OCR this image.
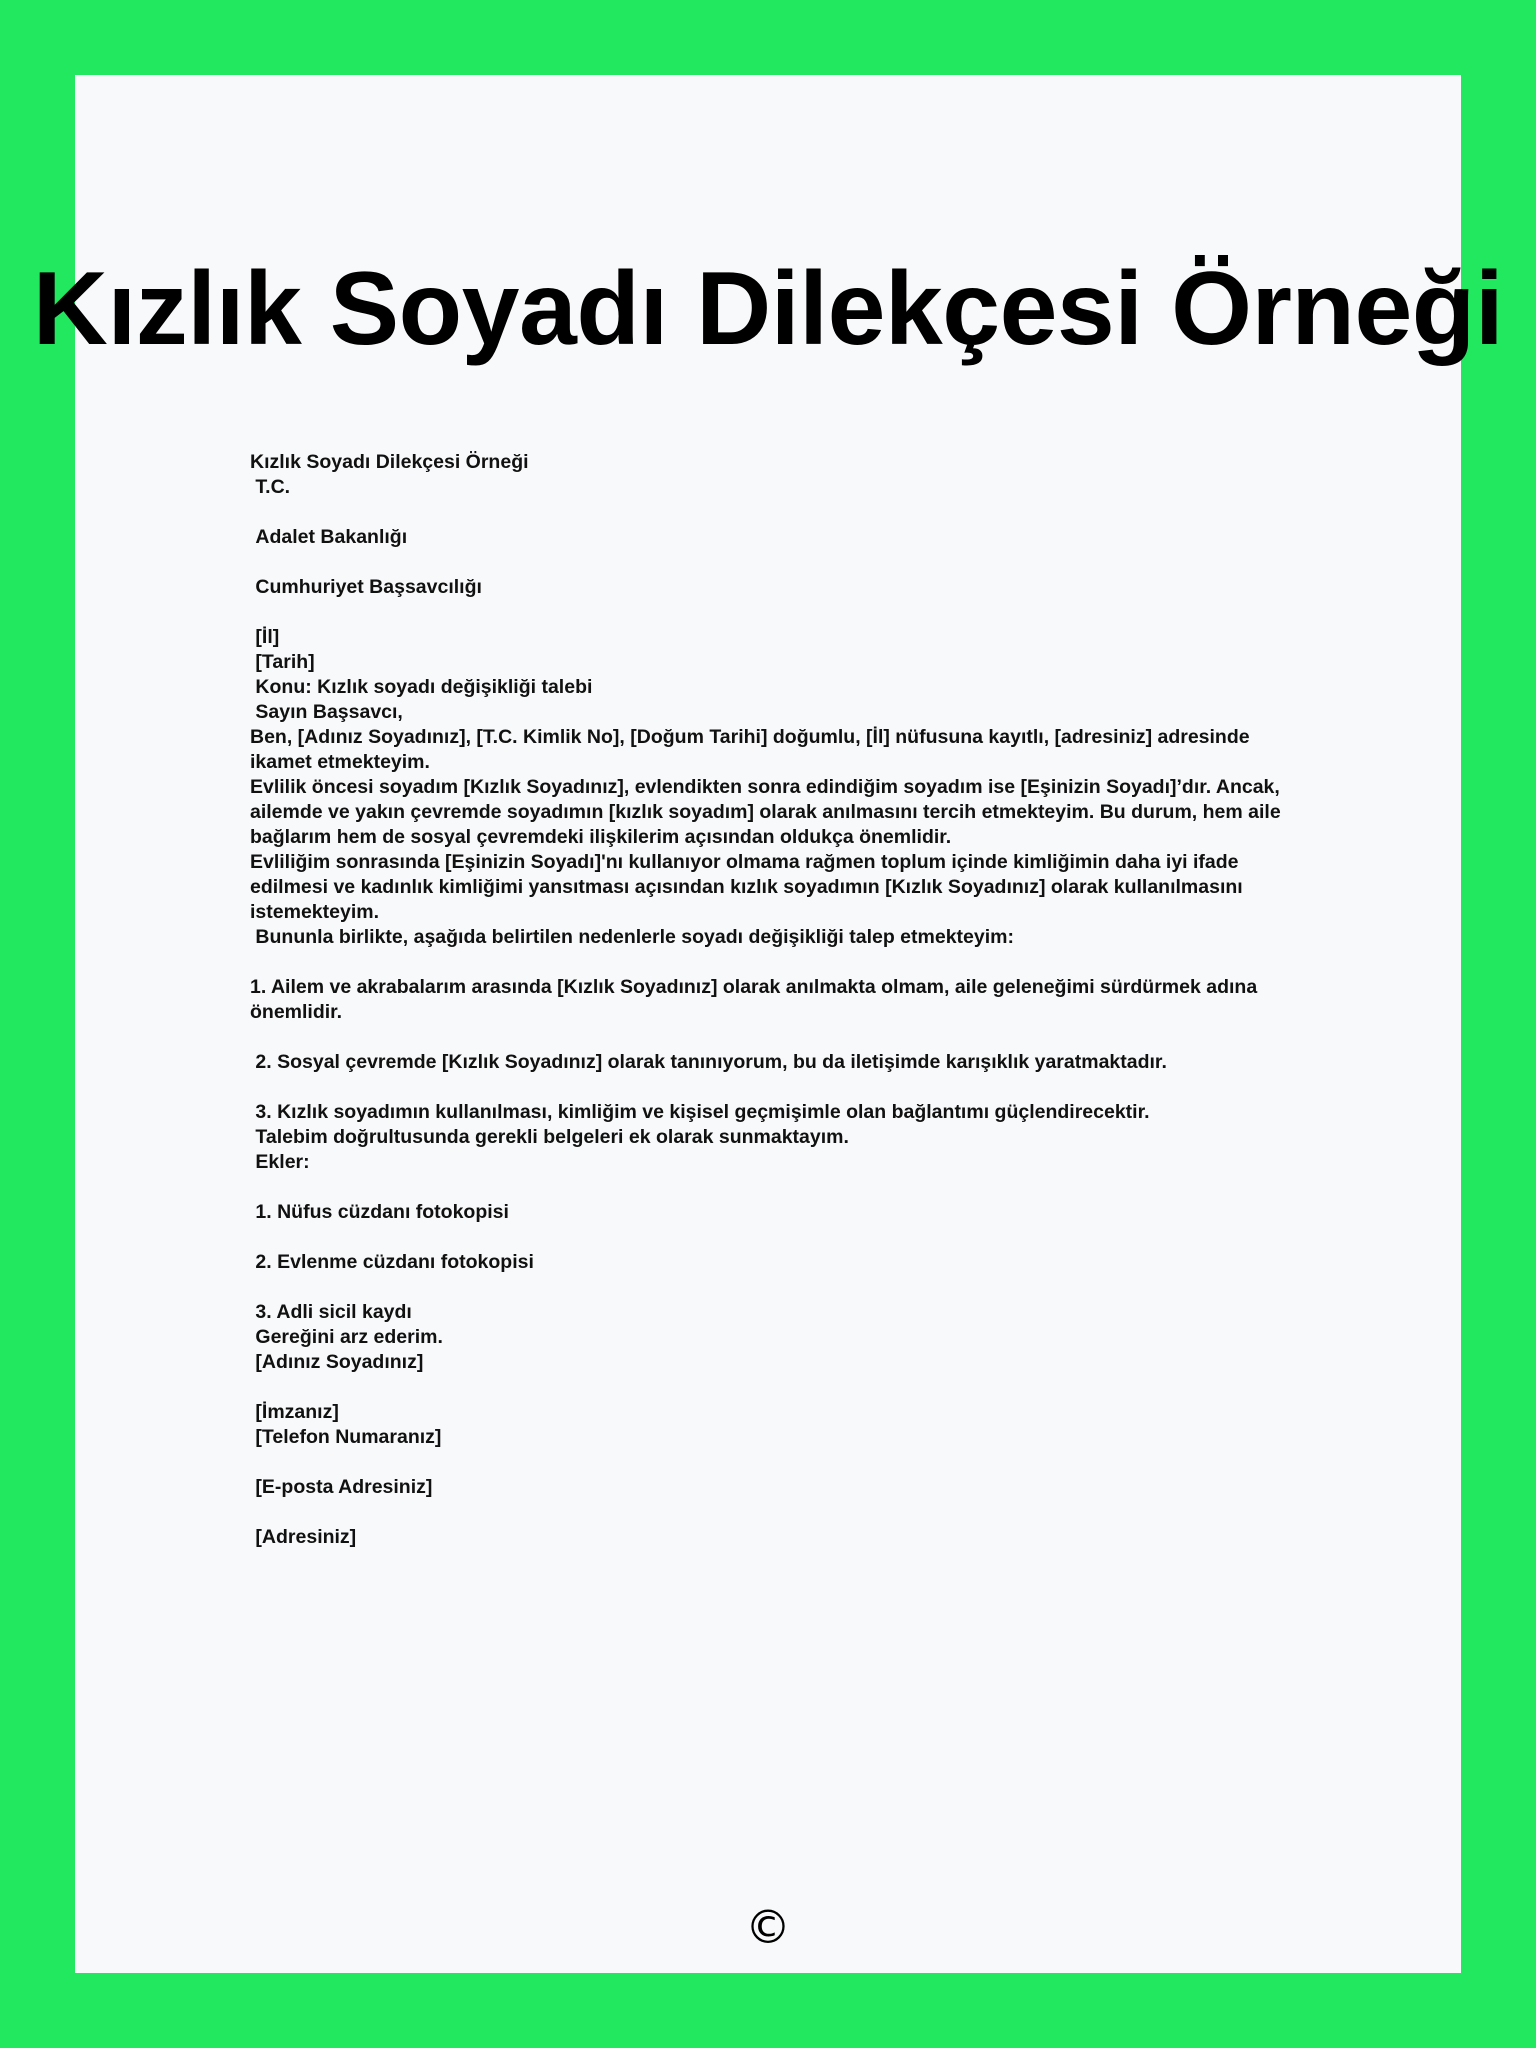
Kızlık Soyadı Dilekçesi Örneği

Kızlık Soyadı Dilekçesi Örneği

T.C.

Adalet Bakanlığı

Cumhuriyet Başsavcılığı

[İl]

[Tarih]

Konu: Kızlık soyadı değişikliği talebi

Sayın Başsavcı,

Ben, [Adınız Soyadınız], [T.C. Kimlik No], [Doğum Tarihi] doğumlu, [İl] nüfusuna kayıtlı, [adresiniz] adresinde ikamet etmekteyim.

Evlilik öncesi soyadım [Kızlık Soyadınız], evlendikten sonra edindiğim soyadım ise [Eşinizin Soyadı]’dır. Ancak, ailemde ve yakın çevremde soyadımın [kızlık soyadım] olarak anılmasını tercih etmekteyim. Bu durum, hem aile bağlarım hem de sosyal çevremdeki ilişkilerim açısından oldukça önemlidir.

Evliliğim sonrasında [Eşinizin Soyadı]'nı kullanıyor olmama rağmen toplum içinde kimliğimin daha iyi ifade edilmesi ve kadınlık kimliğimi yansıtması açısından kızlık soyadımın [Kızlık Soyadınız] olarak kullanılmasını istemekteyim.

Bununla birlikte, aşağıda belirtilen nedenlerle soyadı değişikliği talep etmekteyim:

1. Ailem ve akrabalarım arasında [Kızlık Soyadınız] olarak anılmakta olmam, aile geleneğimi sürdürmek adına önemlidir.

2. Sosyal çevremde [Kızlık Soyadınız] olarak tanınıyorum, bu da iletişimde karışıklık yaratmaktadır.

3. Kızlık soyadımın kullanılması, kimliğim ve kişisel geçmişimle olan bağlantımı güçlendirecektir.

Talebim doğrultusunda gerekli belgeleri ek olarak sunmaktayım.

Ekler:

1. Nüfus cüzdanı fotokopisi

2. Evlenme cüzdanı fotokopisi

3. Adli sicil kaydı

Gereğini arz ederim.

[Adınız Soyadınız]

[İmzanız]

[Telefon Numaranız]

[E-posta Adresiniz]

[Adresiniz]

©
